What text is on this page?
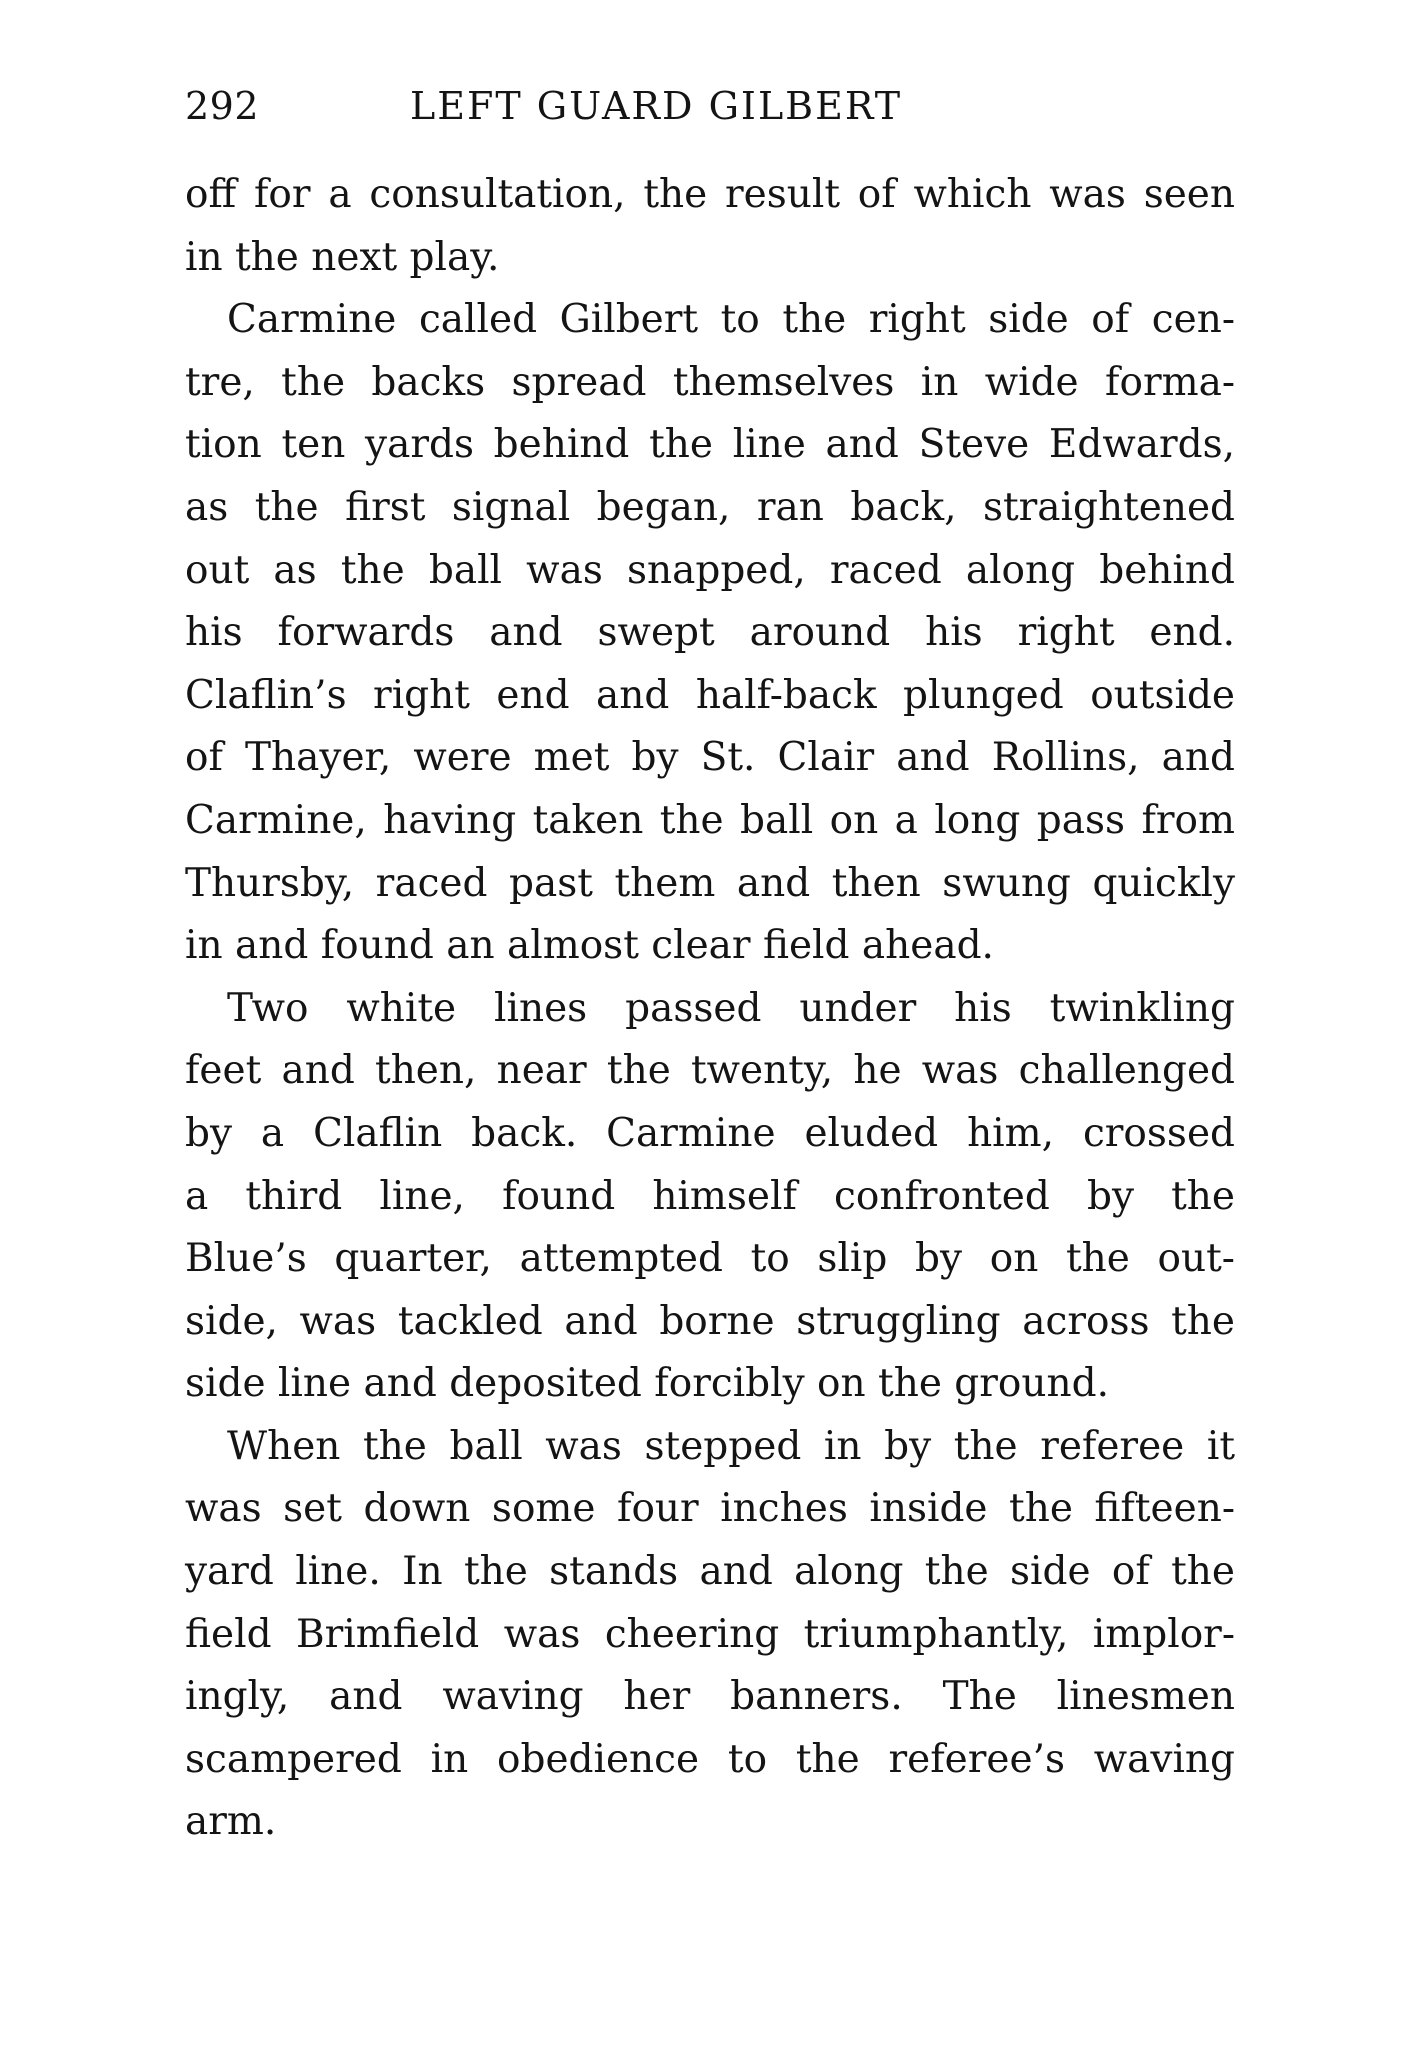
292	LEFT GUARD GILBERT
off for a consultation, the result of which was seen
in the next play.
Carmine called Gilbert to the right side of cen-
tre, the backs spread themselves in wide forma-
tion ten yards behind the line and Steve Edwards,
as the first signal began, ran back, straightened
out as the ball was snapped, raced along behind
his forwards and swept around his right end.
Claflin’s right end and half-back plunged outside
of Thayer, were met by St. Clair and Rollins, and
Carmine, having taken the ball on a long pass from
Thursby, raced past them and then swung quickly
in and found an almost clear field ahead.
Two white lines passed under his twinkling
feet and then, near the twenty, he was challenged
by a Claflin back. Carmine eluded him, crossed
a third line, found himself confronted by the
Blue’s quarter, attempted to slip by on the out-
side, was tackled and borne struggling across the
side line and deposited forcibly on the ground.
When the ball was stepped in by the referee it
was set down some four inches inside the fifteen-
yard line. In the stands and along the side of the
field Brimfield was cheering triumphantly, implor-
ingly, and waving her banners. The linesmen
scampered in obedience to the referee’s waving
arm.
